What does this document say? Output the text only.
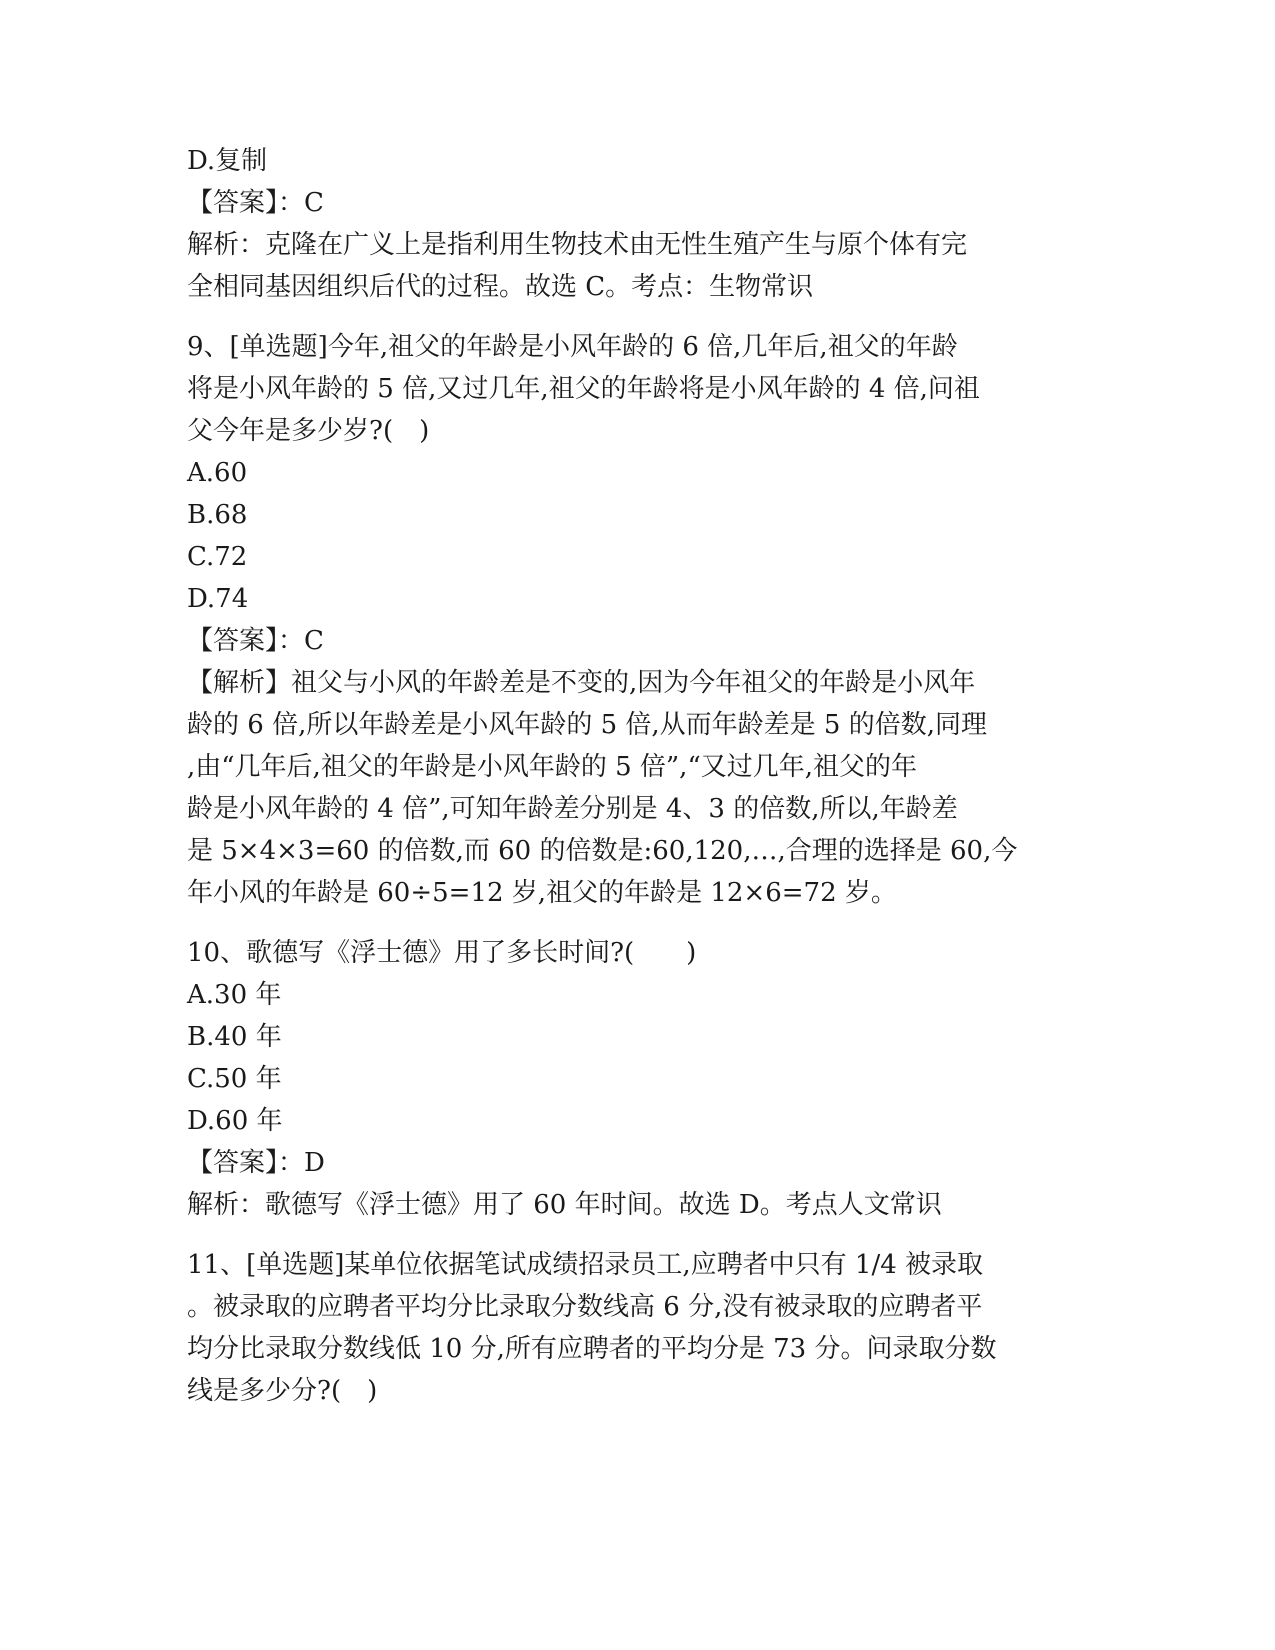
D.复制
【答案】：C
解析：克隆在广义上是指利用生物技术由无性生殖产生与原个体有完
全相同基因组织后代的过程。故选 C。考点：生物常识
9、[单选题]今年,祖父的年龄是小风年龄的 6 倍,几年后,祖父的年龄
将是小风年龄的 5 倍,又过几年,祖父的年龄将是小风年龄的 4 倍,问祖
父今年是多少岁?(　)
A.60
B.68
C.72
D.74
【答案】：C
【解析】祖父与小风的年龄差是不变的,因为今年祖父的年龄是小风年
龄的 6 倍,所以年龄差是小风年龄的 5 倍,从而年龄差是 5 的倍数,同理
,由“几年后,祖父的年龄是小风年龄的 5 倍”,“又过几年,祖父的年
龄是小风年龄的 4 倍”,可知年龄差分别是 4、3 的倍数,所以,年龄差
是 5×4×3=60 的倍数,而 60 的倍数是:60,120,…,合理的选择是 60,今
年小风的年龄是 60÷5=12 岁,祖父的年龄是 12×6=72 岁。
10、歌德写《浮士德》用了多长时间?(　　)
A.30 年
B.40 年
C.50 年
D.60 年
【答案】：D
解析：歌德写《浮士德》用了 60 年时间。故选 D。考点人文常识
11、[单选题]某单位依据笔试成绩招录员工,应聘者中只有 1/4 被录取
。被录取的应聘者平均分比录取分数线高 6 分,没有被录取的应聘者平
均分比录取分数线低 10 分,所有应聘者的平均分是 73 分。问录取分数
线是多少分?(　)
